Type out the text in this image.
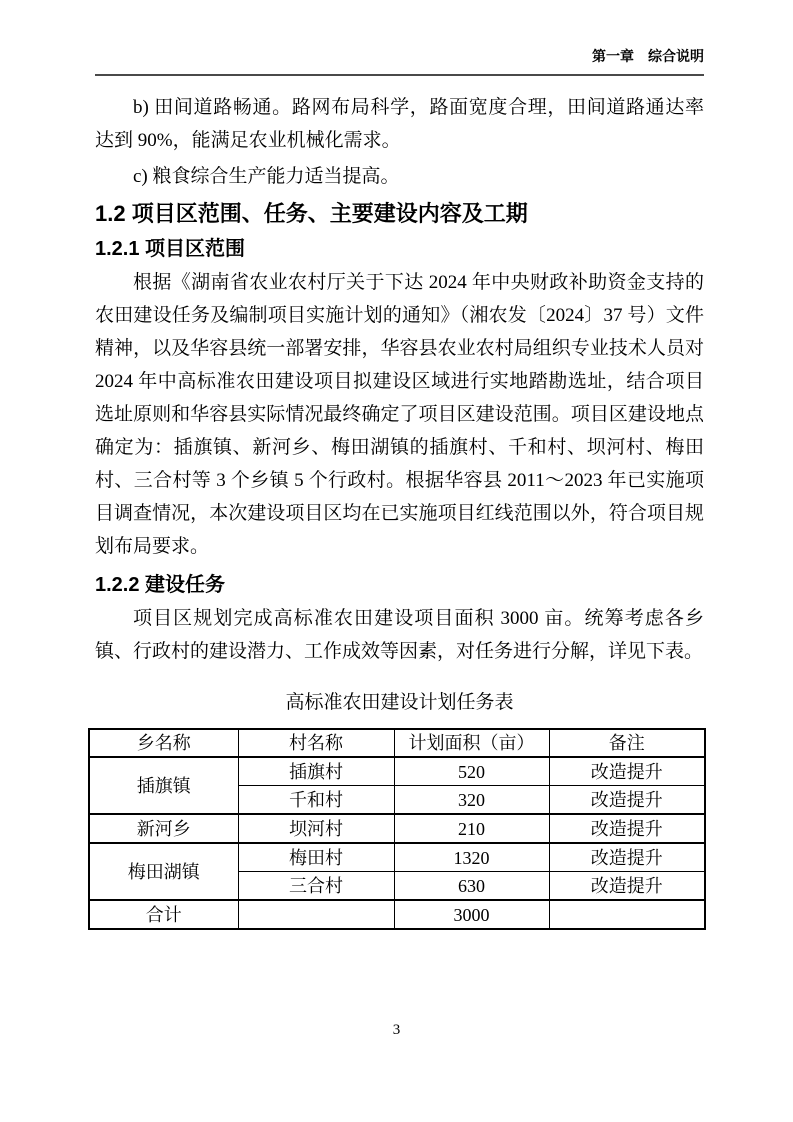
第一章 综合说明

b) 田间道路畅通。路网布局科学，路面宽度合理，田间道路通达率达到 90%，能满足农业机械化需求。

c) 粮食综合生产能力适当提高。

1.2 项目区范围、任务、主要建设内容及工期
1.2.1 项目区范围

根据《湖南省农业农村厅关于下达 2024 年中央财政补助资金支持的农田建设任务及编制项目实施计划的通知》（湘农发〔2024〕37 号）文件精神，以及华容县统一部署安排，华容县农业农村局组织专业技术人员对 2024 年中高标准农田建设项目拟建设区域进行实地踏勘选址，结合项目选址原则和华容县实际情况最终确定了项目区建设范围。项目区建设地点确定为：插旗镇、新河乡、梅田湖镇的插旗村、千和村、坝河村、梅田村、三合村等 3 个乡镇 5 个行政村。根据华容县 2011～2023 年已实施项目调查情况，本次建设项目区均在已实施项目红线范围以外，符合项目规划布局要求。

1.2.2 建设任务

项目区规划完成高标准农田建设项目面积 3000 亩。统筹考虑各乡镇、行政村的建设潜力、工作成效等因素，对任务进行分解，详见下表。

高标准农田建设计划任务表

乡名称	村名称	计划面积（亩）	备注
插旗镇	插旗村	520	改造提升
	千和村	320	改造提升
新河乡	坝河村	210	改造提升
梅田湖镇	梅田村	1320	改造提升
	三合村	630	改造提升
合计		3000	
3
